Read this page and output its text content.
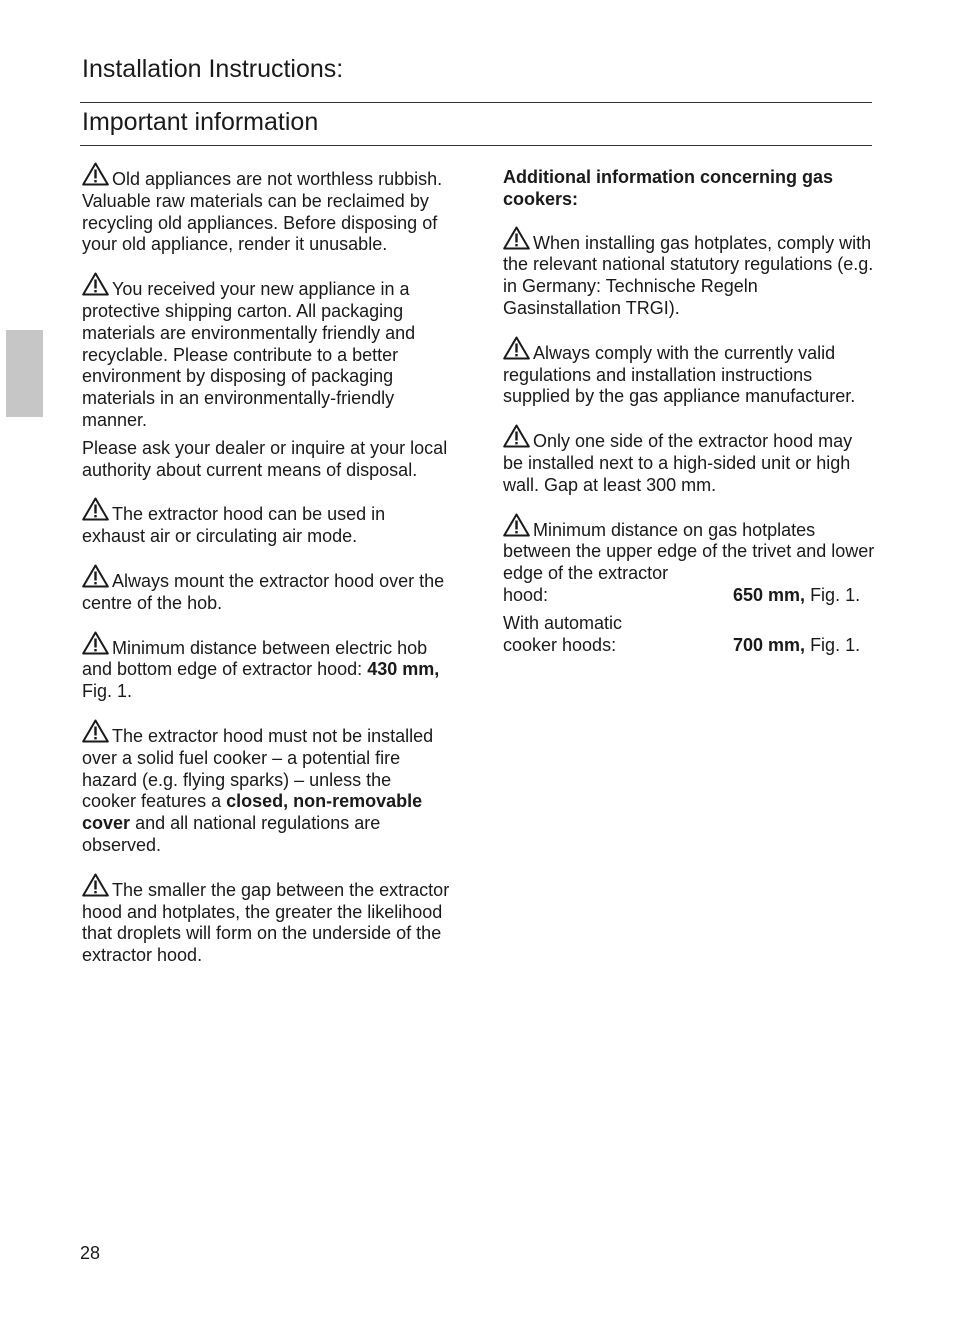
Installation Instructions:
Important information

Old appliances are not worthless rubbish. Valuable raw materials can be reclaimed by recycling old appliances. Before disposing of your old appliance, render it unusable.

You received your new appliance in a protective shipping carton. All packaging materials are environmentally friendly and recyclable. Please contribute to a better environment by disposing of packaging materials in an environmentally-friendly manner.

Please ask your dealer or inquire at your local authority about current means of disposal.

The extractor hood can be used in exhaust air or circulating air mode.

Always mount the extractor hood over the centre of the hob.

Minimum distance between electric hob and bottom edge of extractor hood: 430 mm, Fig. 1.

The extractor hood must not be installed over a solid fuel cooker – a potential fire hazard (e.g. flying sparks) – unless the cooker features a closed, non-removable cover and all national regulations are observed.

The smaller the gap between the extractor hood and hotplates, the greater the likelihood that droplets will form on the underside of the extractor hood.

Additional information concerning gas cookers:

When installing gas hotplates, comply with the relevant national statutory regulations (e.g. in Germany: Technische Regeln Gasinstallation TRGI).

Always comply with the currently valid regulations and installation instructions supplied by the gas appliance manufacturer.

Only one side of the extractor hood may be installed next to a high-sided unit or high wall. Gap at least 300 mm.

Minimum distance on gas hotplates between the upper edge of the trivet and lower edge of the extractor

hood:	650 mm, Fig. 1.

With automatic

cooker hoods:	700 mm, Fig. 1.

28
